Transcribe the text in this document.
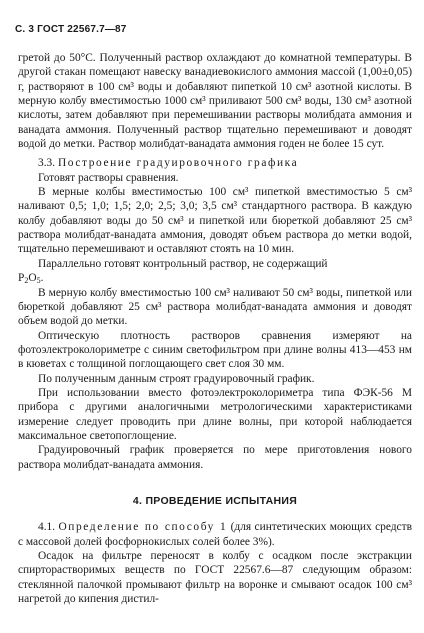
С. 3 ГОСТ 22567.7—87

гретой до 50°С. Полученный раствор охлаждают до комнатной температуры. В другой стакан помещают навеску ванадиевокислого аммония массой (1,00±0,05) г, растворяют в 100 см³ воды и добавляют пипеткой 10 см³ азотной кислоты. В мерную колбу вместимостью 1000 см³ приливают 500 см³ воды, 130 см³ азотной кислоты, затем добавляют при перемешивании растворы молибдата аммония и ванадата аммония. Полученный раствор тщательно перемешивают и доводят водой до метки. Раствор молибдат-ванадата аммония годен не более 15 сут.

3.3. Построение градуировочного графика

Готовят растворы сравнения.

В мерные колбы вместимостью 100 см³ пипеткой вместимостью 5 см³ наливают 0,5; 1,0; 1,5; 2,0; 2,5; 3,0; 3,5 см³ стандартного раствора. В каждую колбу добавляют воды до 50 см³ и пипеткой или бюреткой добавляют 25 см³ раствора молибдат-ванадата аммония, доводят объем раствора до метки водой, тщательно перемешивают и оставляют стоять на 10 мин.

Параллельно готовят контрольный раствор, не содержащий
$P_2O_5$.

В мерную колбу вместимостью 100 см³ наливают 50 см³ воды, пипеткой или бюреткой добавляют 25 см³ раствора молибдат-ванадата аммония и доводят объем водой до метки.

Оптическую плотность растворов сравнения измеряют на фотоэлектроколориметре с синим светофильтром при длине волны 413—453 нм в кюветах с толщиной поглощающего свет слоя 30 мм.

По полученным данным строят градуировочный график.

При использовании вместо фотоэлектроколориметра типа ФЭК-56 М прибора с другими аналогичными метрологическими характеристиками измерение следует проводить при длине волны, при которой наблюдается максимальное светопоглощение.

Градуировочный график проверяется по мере приготовления нового раствора молибдат-ванадата аммония.

4. ПРОВЕДЕНИЕ ИСПЫТАНИЯ

4.1. Определение по способу 1 (для синтетических моющих средств с массовой долей фосфорнокислых солей более 3%).

Осадок на фильтре переносят в колбу с осадком после экстракции спирторастворимых веществ по ГОСТ 22567.6—87 следующим образом: стеклянной палочкой промывают фильтр на воронке и смывают осадок 100 см³ нагретой до кипения дистил-
